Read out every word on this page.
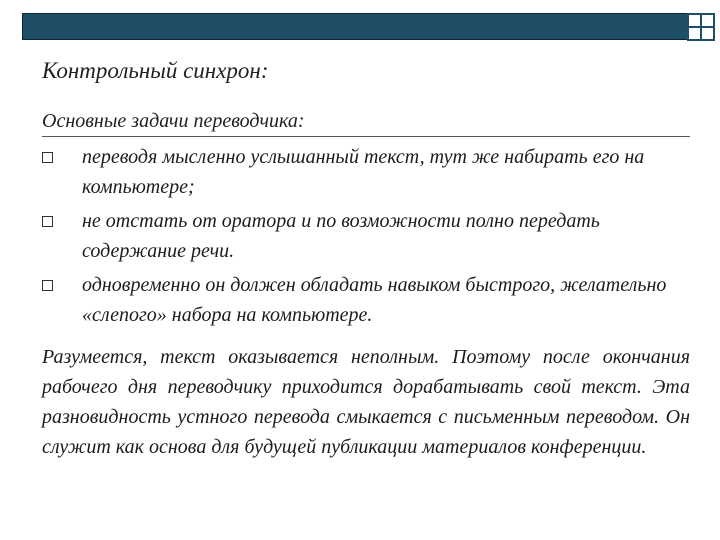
Контрольный синхрон:
Основные задачи переводчика:
переводя мысленно услышанный текст, тут же набирать его на компьютере;
не отстать от оратора и по возможности полно передать содержание речи.
одновременно он должен обладать навыком быстрого, желательно «слепого» набора на компьютере.

Разумеется, текст оказывается неполным. Поэтому после окончания рабочего дня переводчику приходится дорабатывать свой текст. Эта разновидность устного перевода смыкается с письменным переводом. Он служит как основа для будущей публикации материалов конференции.
